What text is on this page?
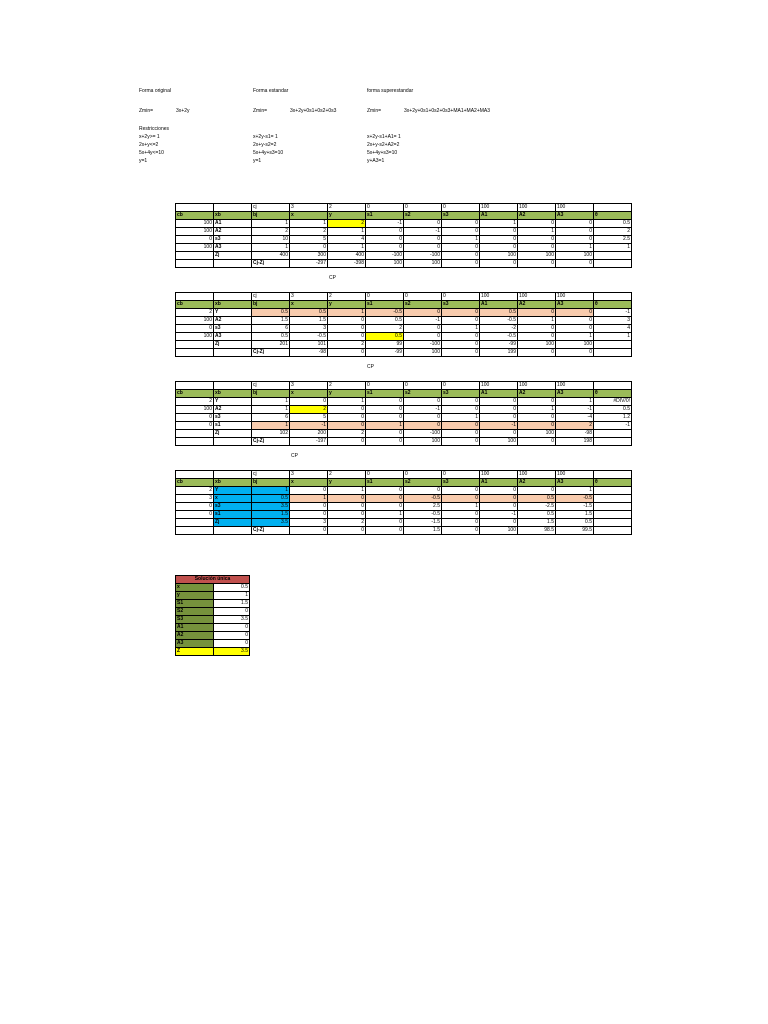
Forma original
Zmin=	3x+2y
Restricciones
x+2y>= 1
2x+y<=2
5x+4y<=10
y=1
Forma estandar
Zmin=	3x+2y+0s1+0s2+0s3
x+2y-s1= 1
2x+y-s2=2
5x+4y+s3=10
y=1
forma superestandar
Zmin=	3x+2y+0s1+0s2+0s3+MA1+MA2+MA3
x+2y-s1+A1= 1
2x+y-s2+A2=2
5x+4y+s3=10
y+A3=1
		cj	3	2	0	0	0	100	100	100	
cb	xb	bj	x	y	s1	s2	s3	A1	A2	A3	θ
100	A1	1	1	2	-1	0	0	1	0	0	0.5
100	A2	2	2	1	0	-1	0	0	1	0	2
0	s3	10	5	4	0	0	1	0	0	0	2.5
100	A3	1	0	1	0	0	0	0	0	1	1
	Zj	400	300	400	-100	-100	0	100	100	100	
		Cj-Zj	-297	-398	100	100	0	0	0	0	
CP
		cj	3	2	0	0	0	100	100	100	
cb	xb	bj	x	y	s1	s2	s3	A1	A2	A3	θ
2	Y	0.5	0.5	1	-0.5	0	0	0.5	0	0	-1
100	A2	1.5	1.5	0	0.5	-1	0	-0.5	1	0	3
0	s3	6	3	0	2	0	1	-2	0	0	4
100	A3	0.5	-0.5	0	0.5	0	0	-0.5	0	1	1
	Zj	201	101	2	99	-100	0	-99	100	100	
		Cj-Zj	-98	0	-99	100	0	199	0	0	
CP
		cj	3	2	0	0	0	100	100	100	
cb	xb	bj	x	y	s1	s2	s3	A1	A2	A3	θ
2	Y	1	0	1	0	0	0	0	0	1	#DIV/0!
100	A2	1	2	0	0	-1	0	0	1	-1	0.5
0	s3	6	5	0	0	0	1	0	0	-4	1.2
0	s1	1	-1	0	1	0	0	-1	0	2	-1
	Zj	102	200	2	0	-100	0	0	100	-98	
		Cj-Zj	-197	0	0	100	0	100	0	198	
CP
		cj	3	2	0	0	0	100	100	100	
cb	xb	bj	x	y	s1	s2	s3	A1	A2	A3	θ
2	Y	1	0	1	0	0	0	0	0	1	
3	x	0.5	1	0	0	-0.5	0	0	0.5	-0.5	
0	s3	3.5	0	0	0	2.5	1	0	-2.5	-1.5	
0	s1	1.5	0	0	1	-0.5	0	-1	0.5	1.5	
	Zj	3.5	3	2	0	-1.5	0	0	1.5	0.5	
		Cj-Zj	0	0	0	1.5	0	100	98.5	99.5	
Solución única	
x	0.5
y	1
S1	1.5
S2	0
S3	3.5
A1	0
A2	0
A3	0
Z	3.5
